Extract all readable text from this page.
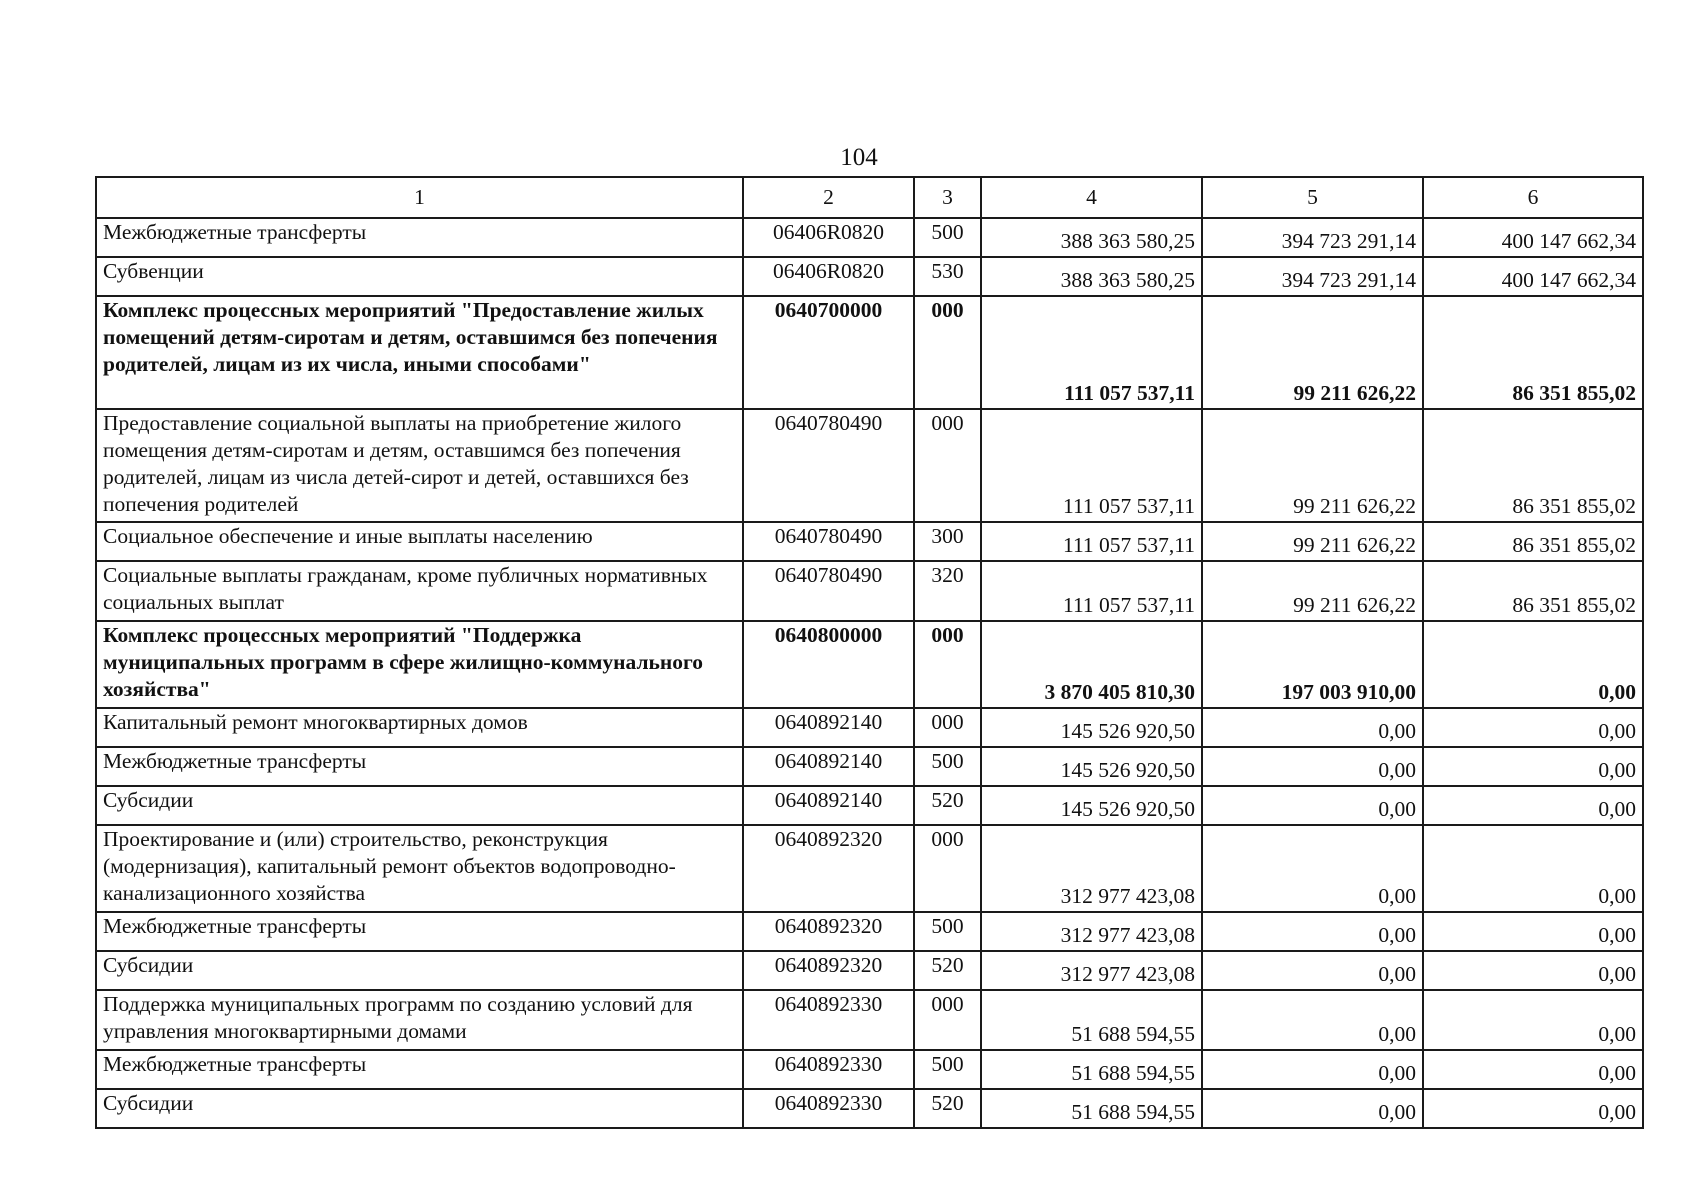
104
1	2	3	4	5	6
Межбюджетные трансферты	06406R0820	500	388 363 580,25	394 723 291,14	400 147 662,34
Субвенции	06406R0820	530	388 363 580,25	394 723 291,14	400 147 662,34
Комплекс процессных мероприятий "Предоставление жилых помещений детям-сиротам и детям, оставшимся без попечения родителей, лицам из их числа, иными способами"	0640700000	000	111 057 537,11	99 211 626,22	86 351 855,02
Предоставление социальной выплаты на приобретение жилого помещения детям-сиротам и детям, оставшимся без попечения родителей, лицам из числа детей-сирот и детей, оставшихся без попечения родителей	0640780490	000	111 057 537,11	99 211 626,22	86 351 855,02
Социальное обеспечение и иные выплаты населению	0640780490	300	111 057 537,11	99 211 626,22	86 351 855,02
Социальные выплаты гражданам, кроме публичных нормативных социальных выплат	0640780490	320	111 057 537,11	99 211 626,22	86 351 855,02
Комплекс процессных мероприятий "Поддержка муниципальных программ в сфере жилищно-коммунального хозяйства"	0640800000	000	3 870 405 810,30	197 003 910,00	0,00
Капитальный ремонт многоквартирных домов	0640892140	000	145 526 920,50	0,00	0,00
Межбюджетные трансферты	0640892140	500	145 526 920,50	0,00	0,00
Субсидии	0640892140	520	145 526 920,50	0,00	0,00
Проектирование и (или) строительство, реконструкция (модернизация), капитальный ремонт объектов водопроводно-канализационного хозяйства	0640892320	000	312 977 423,08	0,00	0,00
Межбюджетные трансферты	0640892320	500	312 977 423,08	0,00	0,00
Субсидии	0640892320	520	312 977 423,08	0,00	0,00
Поддержка муниципальных программ по созданию условий для управления многоквартирными домами	0640892330	000	51 688 594,55	0,00	0,00
Межбюджетные трансферты	0640892330	500	51 688 594,55	0,00	0,00
Субсидии	0640892330	520	51 688 594,55	0,00	0,00
